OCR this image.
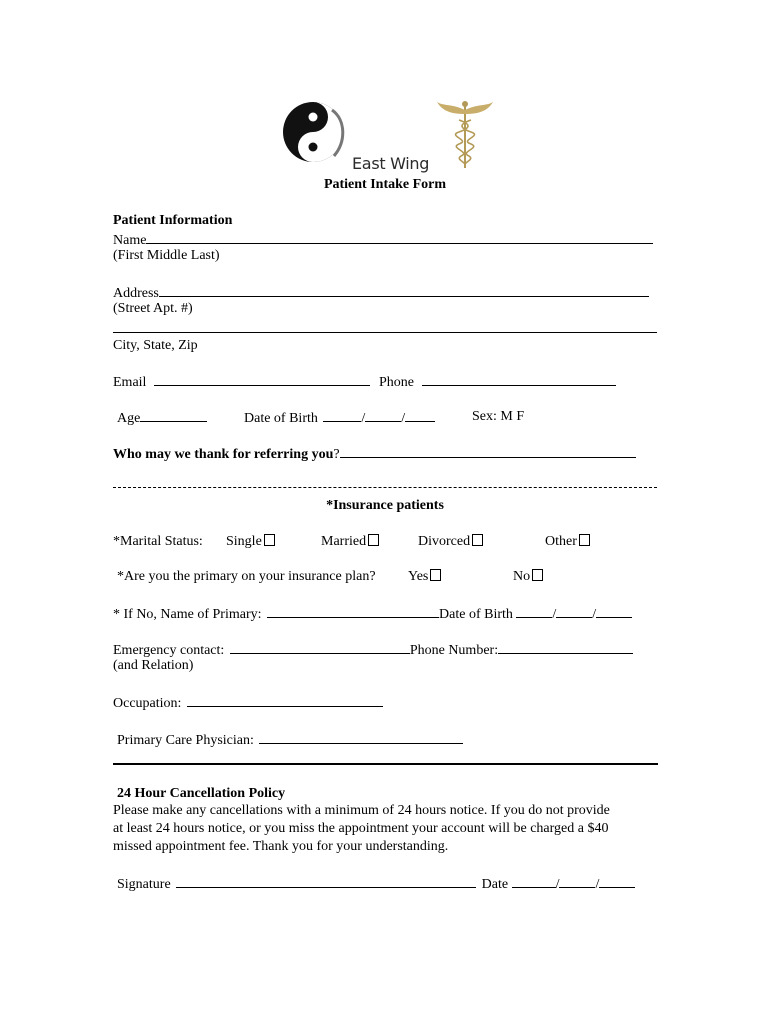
East Wing
Patient Intake Form
Patient Information
Name
(First Middle Last)
Address
(Street Apt. #)
City, State, Zip
Email	Phone
Age	Date of Birth	/	/	Sex: M F
Who may we thank for referring you?
*Insurance patients
*Marital Status: Single	Married	Divorced	Other
*Are you the primary on your insurance plan? Yes	No
* If No, Name of Primary:	Date of Birth	/	/
Emergency contact:	Phone Number:
(and Relation)
Occupation:
Primary Care Physician:
24 Hour Cancellation Policy
Please make any cancellations with a minimum of 24 hours notice. If you do not provide
at least 24 hours notice, or you miss the appointment your account will be charged a $40
missed appointment fee. Thank you for your understanding.
Signature	Date	/	/
